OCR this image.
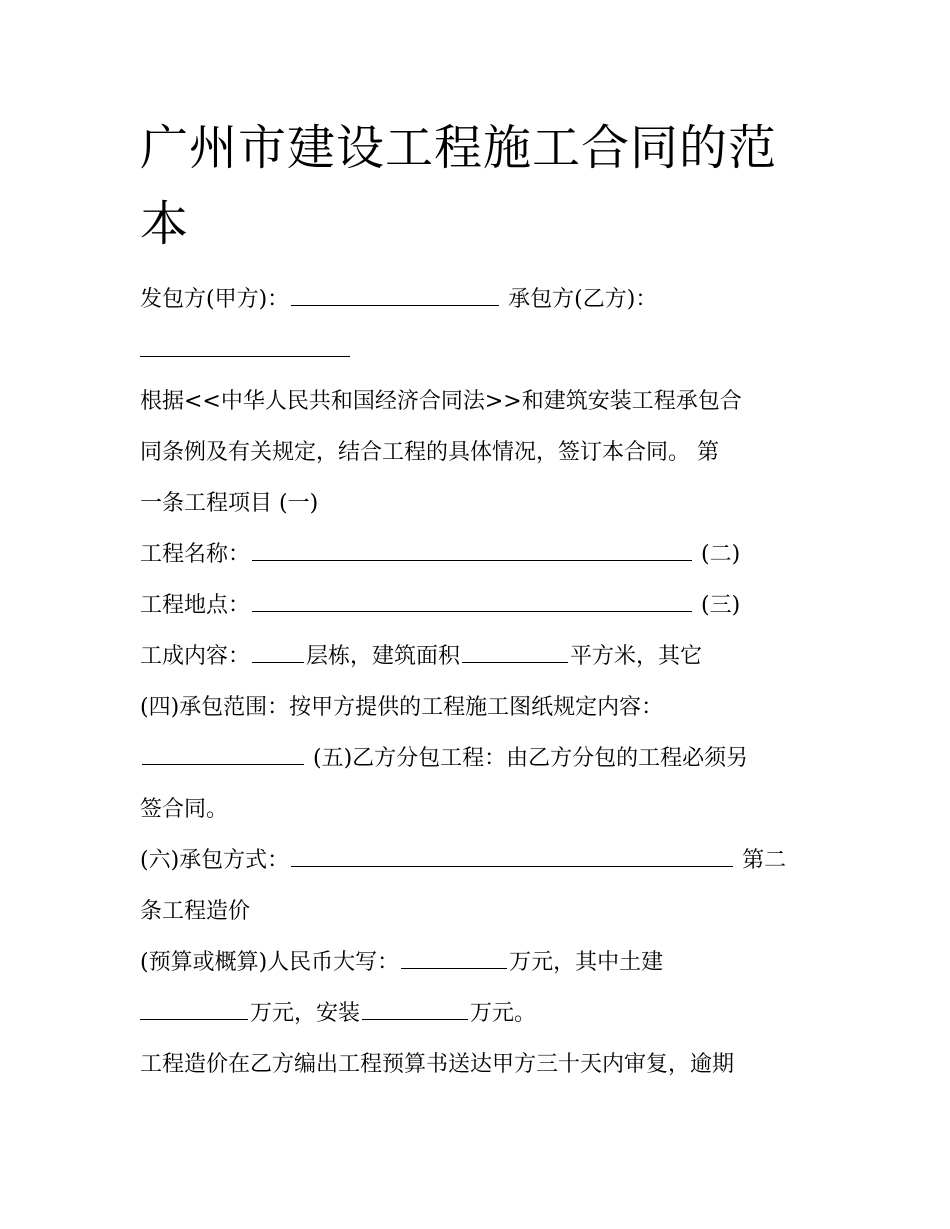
广州市建设工程施工合同的范
本
发包方(甲方)：	承包方(乙方)：
根据<<中华人民共和国经济合同法>>和建筑安装工程承包合
同条例及有关规定，结合工程的具体情况，签订本合同。 第
一条工程项目 (一)
工程名称：	(二)
工程地点：	(三)
工成内容：	层栋，建筑面积	平方米，其它
(四)承包范围：按甲方提供的工程施工图纸规定内容：
(五)乙方分包工程：由乙方分包的工程必须另
签合同。
(六)承包方式：	第二
条工程造价
(预算或概算)人民币大写：	万元，其中土建
万元，安装	万元。
工程造价在乙方编出工程预算书送达甲方三十天内审复，逾期
